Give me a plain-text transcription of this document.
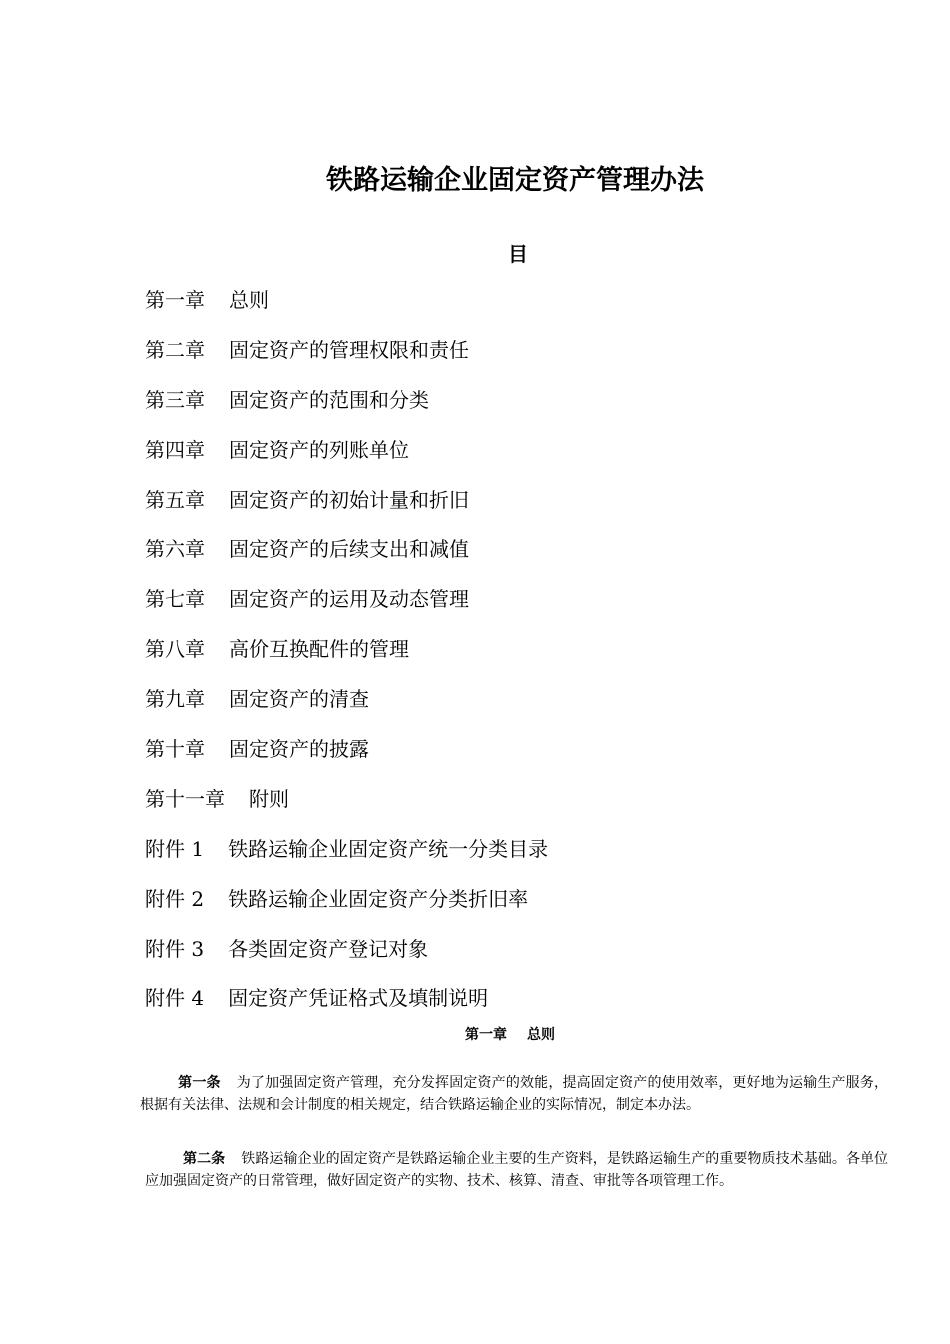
铁路运输企业固定资产管理办法
目
第一章 总则
第二章 固定资产的管理权限和责任
第三章 固定资产的范围和分类
第四章 固定资产的列账单位
第五章 固定资产的初始计量和折旧
第六章 固定资产的后续支出和减值
第七章 固定资产的运用及动态管理
第八章 高价互换配件的管理
第九章 固定资产的清查
第十章 固定资产的披露
第十一章 附则
附件 1 铁路运输企业固定资产统一分类目录
附件 2 铁路运输企业固定资产分类折旧率
附件 3 各类固定资产登记对象
附件 4 固定资产凭证格式及填制说明
第一章 总则

第一条 为了加强固定资产管理，充分发挥固定资产的效能，提高固定资产的使用效率，更好地为运输生产服务，根据有关法律、法规和会计制度的相关规定，结合铁路运输企业的实际情况，制定本办法。

第二条 铁路运输企业的固定资产是铁路运输企业主要的生产资料，是铁路运输生产的重要物质技术基础。各单位应加强固定资产的日常管理，做好固定资产的实物、技术、核算、清查、审批等各项管理工作。
